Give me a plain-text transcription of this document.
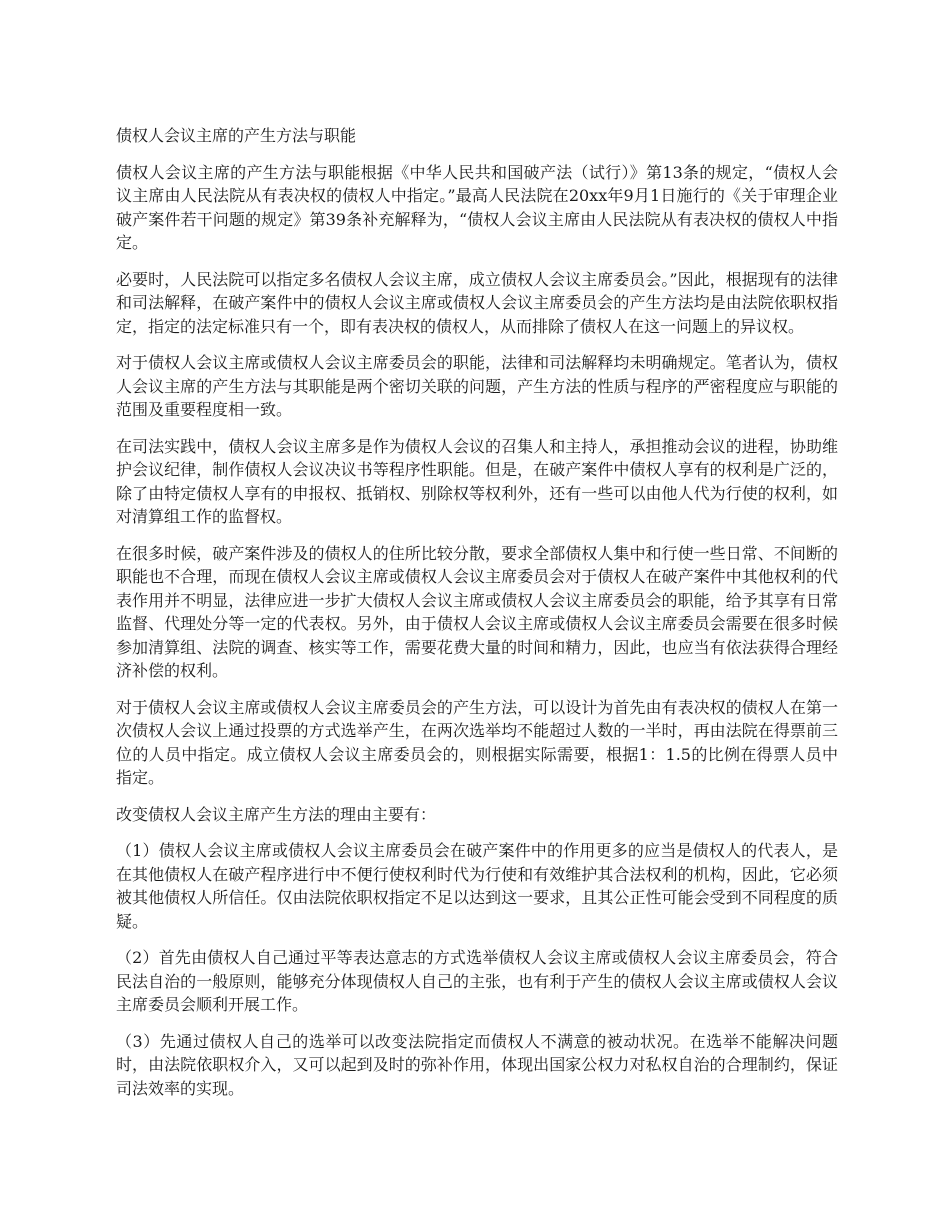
债权人会议主席的产生方法与职能

债权人会议主席的产生方法与职能根据《中华人民共和国破产法（试行）》第13条的规定，“债权人会议主席由人民法院从有表决权的债权人中指定。”最高人民法院在20xx年9月1日施行的《关于审理企业破产案件若干问题的规定》第39条补充解释为，“债权人会议主席由人民法院从有表决权的债权人中指定。

必要时，人民法院可以指定多名债权人会议主席，成立债权人会议主席委员会。”因此，根据现有的法律和司法解释，在破产案件中的债权人会议主席或债权人会议主席委员会的产生方法均是由法院依职权指定，指定的法定标准只有一个，即有表决权的债权人，从而排除了债权人在这一问题上的异议权。

对于债权人会议主席或债权人会议主席委员会的职能，法律和司法解释均未明确规定。笔者认为，债权人会议主席的产生方法与其职能是两个密切关联的问题，产生方法的性质与程序的严密程度应与职能的范围及重要程度相一致。

在司法实践中，债权人会议主席多是作为债权人会议的召集人和主持人，承担推动会议的进程，协助维护会议纪律，制作债权人会议决议书等程序性职能。但是，在破产案件中债权人享有的权利是广泛的，除了由特定债权人享有的申报权、抵销权、别除权等权利外，还有一些可以由他人代为行使的权利，如对清算组工作的监督权。

在很多时候，破产案件涉及的债权人的住所比较分散，要求全部债权人集中和行使一些日常、不间断的职能也不合理，而现在债权人会议主席或债权人会议主席委员会对于债权人在破产案件中其他权利的代表作用并不明显，法律应进一步扩大债权人会议主席或债权人会议主席委员会的职能，给予其享有日常监督、代理处分等一定的代表权。另外，由于债权人会议主席或债权人会议主席委员会需要在很多时候参加清算组、法院的调查、核实等工作，需要花费大量的时间和精力，因此，也应当有依法获得合理经济补偿的权利。

对于债权人会议主席或债权人会议主席委员会的产生方法，可以设计为首先由有表决权的债权人在第一次债权人会议上通过投票的方式选举产生，在两次选举均不能超过人数的一半时，再由法院在得票前三位的人员中指定。成立债权人会议主席委员会的，则根据实际需要，根据1：1.5的比例在得票人员中指定。

改变债权人会议主席产生方法的理由主要有：

（1）债权人会议主席或债权人会议主席委员会在破产案件中的作用更多的应当是债权人的代表人，是在其他债权人在破产程序进行中不便行使权利时代为行使和有效维护其合法权利的机构，因此，它必须被其他债权人所信任。仅由法院依职权指定不足以达到这一要求，且其公正性可能会受到不同程度的质疑。

（2）首先由债权人自己通过平等表达意志的方式选举债权人会议主席或债权人会议主席委员会，符合民法自治的一般原则，能够充分体现债权人自己的主张，也有利于产生的债权人会议主席或债权人会议主席委员会顺利开展工作。

（3）先通过债权人自己的选举可以改变法院指定而债权人不满意的被动状况。在选举不能解决问题时，由法院依职权介入，又可以起到及时的弥补作用，体现出国家公权力对私权自治的合理制约，保证司法效率的实现。
